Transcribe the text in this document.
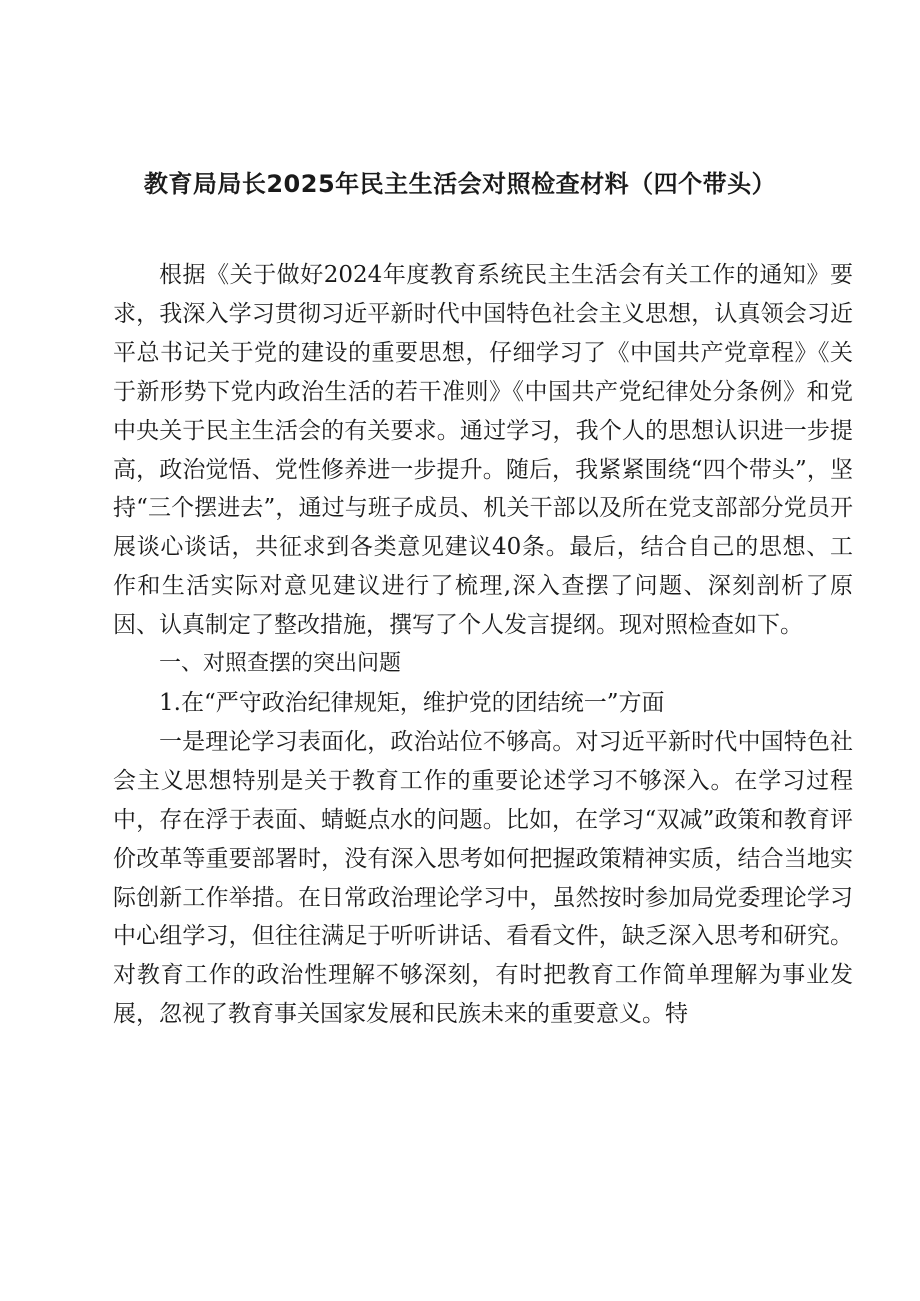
教育局局长2025年民主生活会对照检查材料（四个带头）

根据《关于做好2024年度教育系统民主生活会有关工作的通知》要求，我深入学习贯彻习近平新时代中国特色社会主义思想，认真领会习近平总书记关于党的建设的重要思想，仔细学习了《中国共产党章程》《关于新形势下党内政治生活的若干准则》《中国共产党纪律处分条例》和党中央关于民主生活会的有关要求。通过学习，我个人的思想认识进一步提高，政治觉悟、党性修养进一步提升。随后，我紧紧围绕“四个带头”，坚持“三个摆进去”，通过与班子成员、机关干部以及所在党支部部分党员开展谈心谈话，共征求到各类意见建议40条。最后，结合自己的思想、工作和生活实际对意见建议进行了梳理,深入查摆了问题、深刻剖析了原因、认真制定了整改措施，撰写了个人发言提纲。现对照检查如下。

一、对照查摆的突出问题

1.在“严守政治纪律规矩，维护党的团结统一”方面

一是理论学习表面化，政治站位不够高。对习近平新时代中国特色社会主义思想特别是关于教育工作的重要论述学习不够深入。在学习过程中，存在浮于表面、蜻蜓点水的问题。比如，在学习“双减”政策和教育评价改革等重要部署时，没有深入思考如何把握政策精神实质，结合当地实际创新工作举措。在日常政治理论学习中，虽然按时参加局党委理论学习中心组学习，但往往满足于听听讲话、看看文件，缺乏深入思考和研究。对教育工作的政治性理解不够深刻，有时把教育工作简单理解为事业发展，忽视了教育事关国家发展和民族未来的重要意义。特
